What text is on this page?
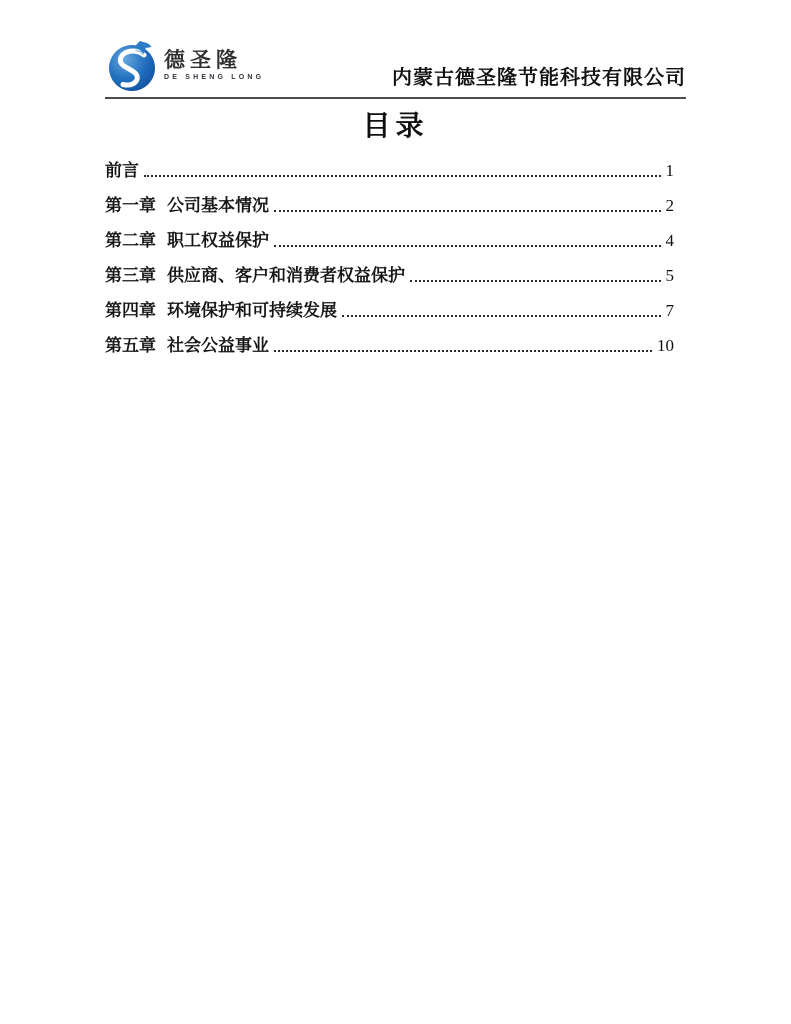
德圣隆
DE SHENG LONG	内蒙古德圣隆节能科技有限公司
目录
前言	1
第一章 公司基本情况	2
第二章 职工权益保护	4
第三章 供应商、客户和消费者权益保护	5
第四章 环境保护和可持续发展	7
第五章 社会公益事业	10
